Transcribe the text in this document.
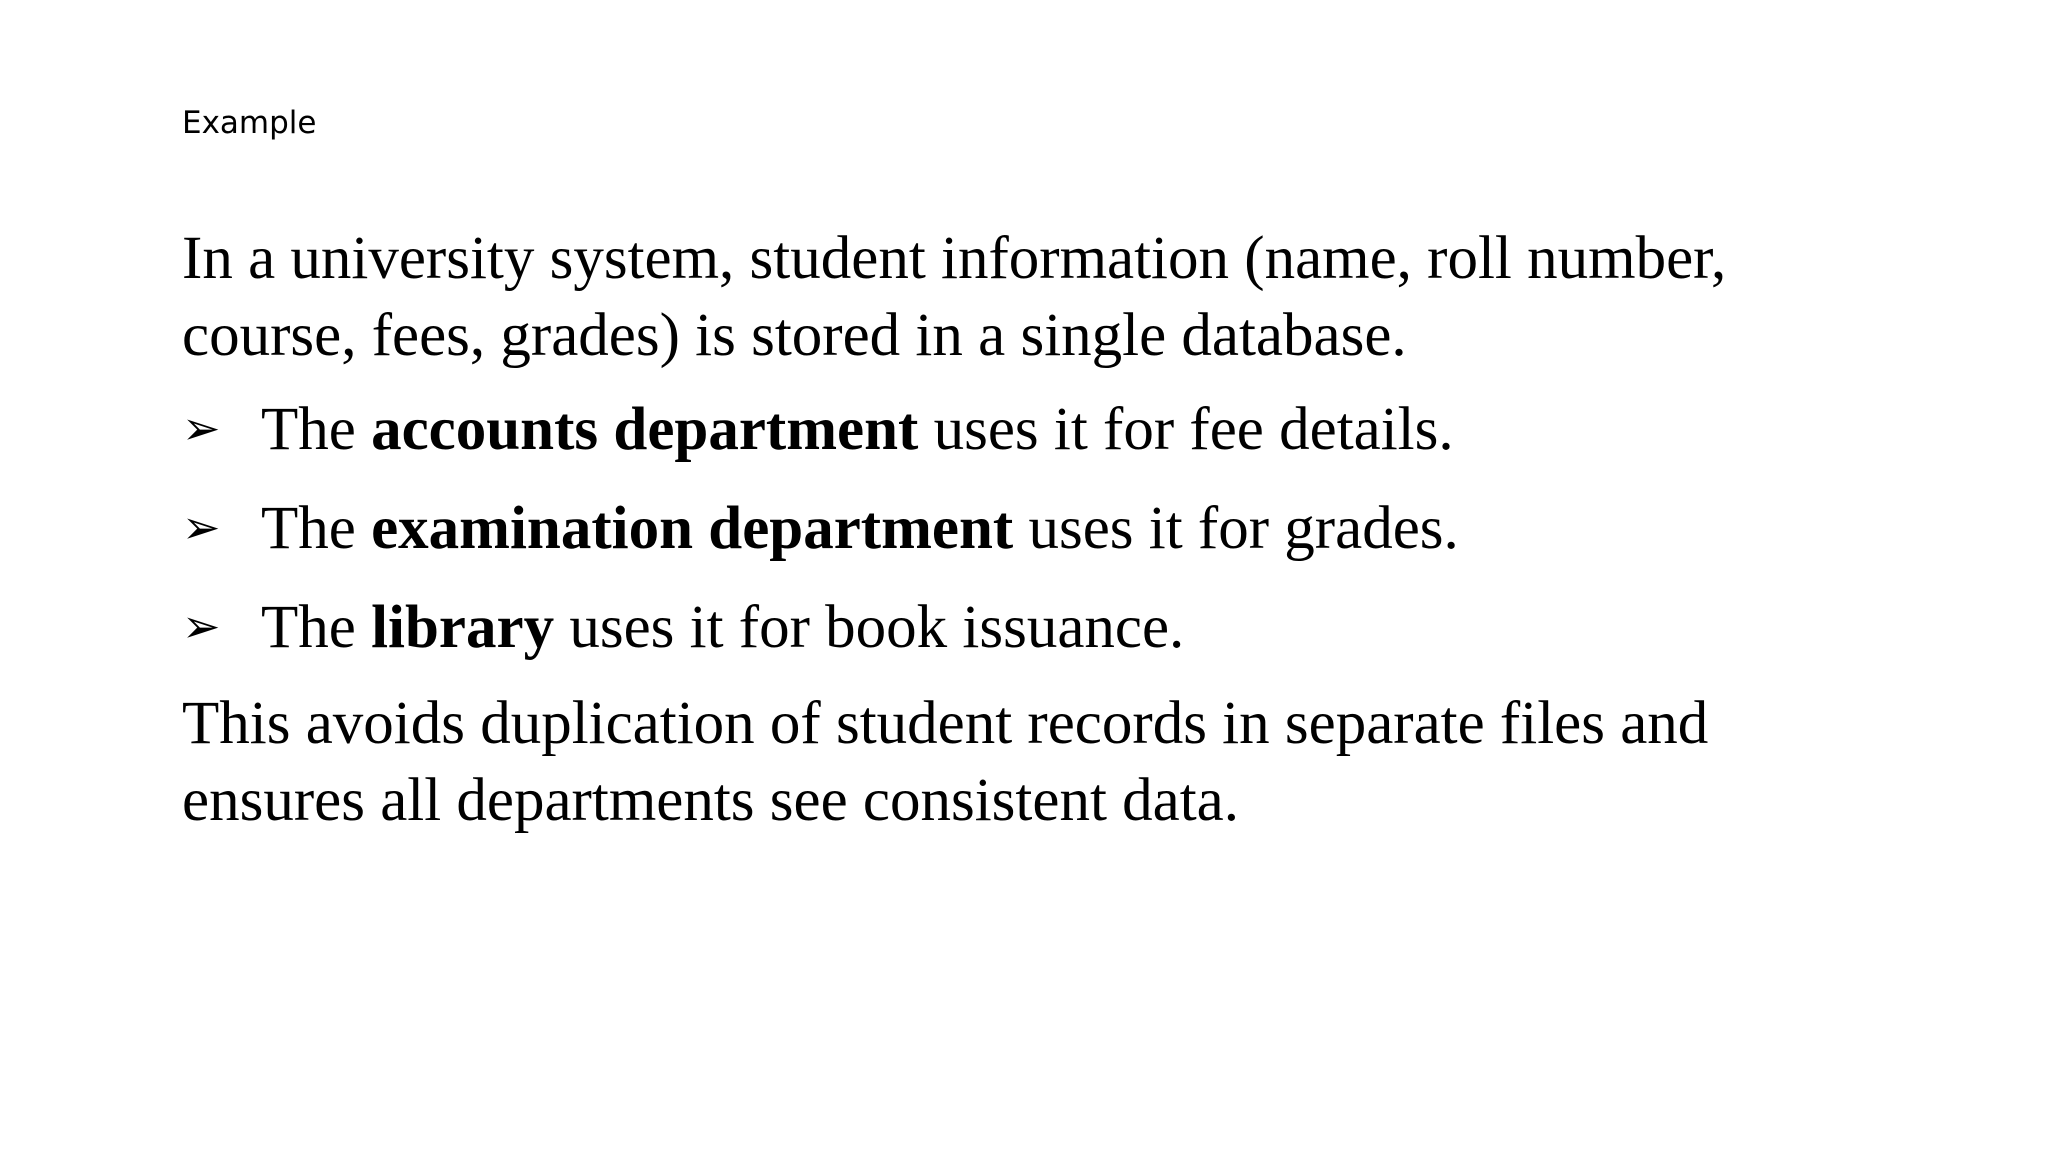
Example

In a university system, student information (name, roll number, course, fees, grades) is stored in a single database.

➢ The accounts department uses it for fee details.
➢ The examination department uses it for grades.
➢ The library uses it for book issuance.

This avoids duplication of student records in separate files and ensures all departments see consistent data.
